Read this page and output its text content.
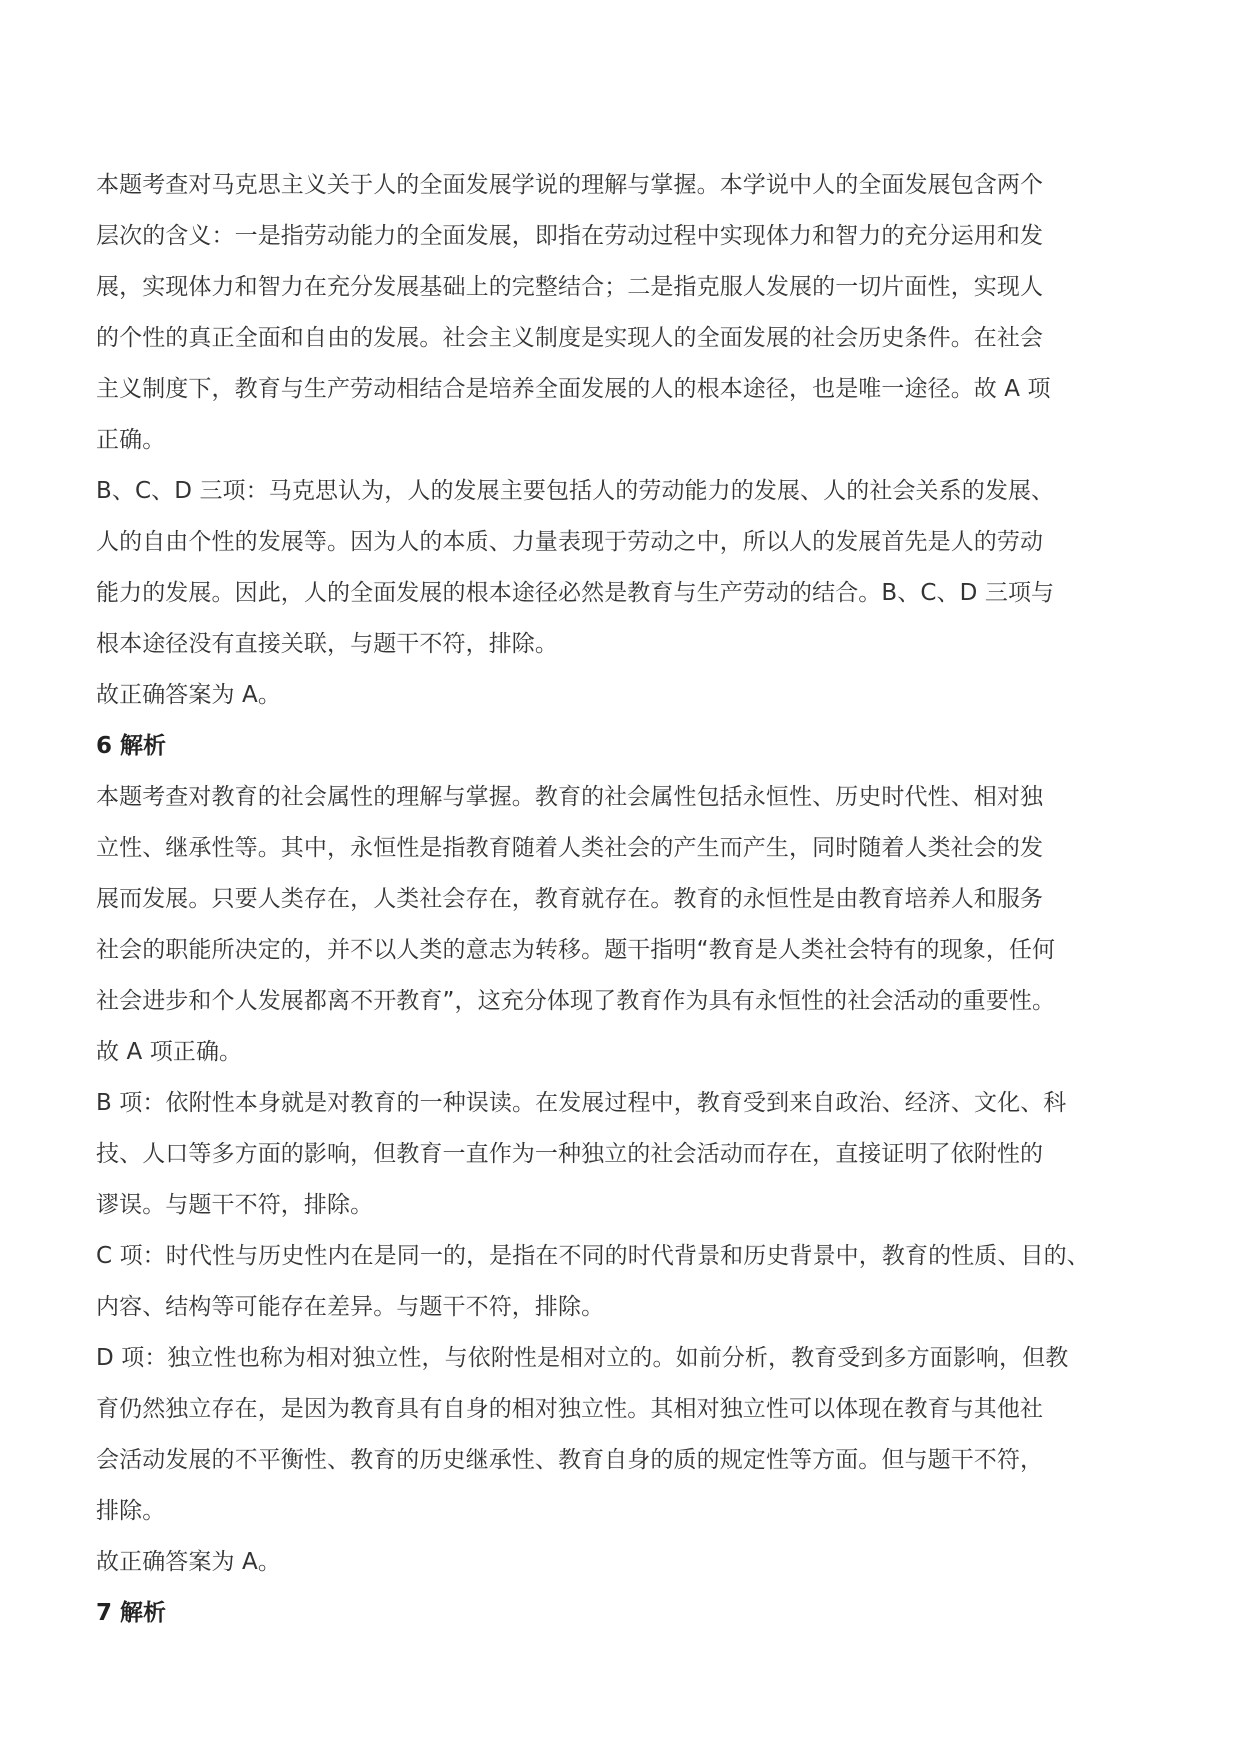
本题考查对马克思主义关于人的全面发展学说的理解与掌握。本学说中人的全面发展包含两个
层次的含义：一是指劳动能力的全面发展，即指在劳动过程中实现体力和智力的充分运用和发
展，实现体力和智力在充分发展基础上的完整结合；二是指克服人发展的一切片面性，实现人
的个性的真正全面和自由的发展。社会主义制度是实现人的全面发展的社会历史条件。在社会
主义制度下，教育与生产劳动相结合是培养全面发展的人的根本途径，也是唯一途径。故 A 项
正确。
B、C、D 三项：马克思认为，人的发展主要包括人的劳动能力的发展、人的社会关系的发展、
人的自由个性的发展等。因为人的本质、力量表现于劳动之中，所以人的发展首先是人的劳动
能力的发展。因此，人的全面发展的根本途径必然是教育与生产劳动的结合。B、C、D 三项与
根本途径没有直接关联，与题干不符，排除。
故正确答案为 A。
6 解析
本题考查对教育的社会属性的理解与掌握。教育的社会属性包括永恒性、历史时代性、相对独
立性、继承性等。其中，永恒性是指教育随着人类社会的产生而产生，同时随着人类社会的发
展而发展。只要人类存在，人类社会存在，教育就存在。教育的永恒性是由教育培养人和服务
社会的职能所决定的，并不以人类的意志为转移。题干指明“教育是人类社会特有的现象，任何
社会进步和个人发展都离不开教育”，这充分体现了教育作为具有永恒性的社会活动的重要性。
故 A 项正确。
B 项：依附性本身就是对教育的一种误读。在发展过程中，教育受到来自政治、经济、文化、科
技、人口等多方面的影响，但教育一直作为一种独立的社会活动而存在，直接证明了依附性的
谬误。与题干不符，排除。
C 项：时代性与历史性内在是同一的，是指在不同的时代背景和历史背景中，教育的性质、目的、
内容、结构等可能存在差异。与题干不符，排除。
D 项：独立性也称为相对独立性，与依附性是相对立的。如前分析，教育受到多方面影响，但教
育仍然独立存在，是因为教育具有自身的相对独立性。其相对独立性可以体现在教育与其他社
会活动发展的不平衡性、教育的历史继承性、教育自身的质的规定性等方面。但与题干不符，
排除。
故正确答案为 A。
7 解析
